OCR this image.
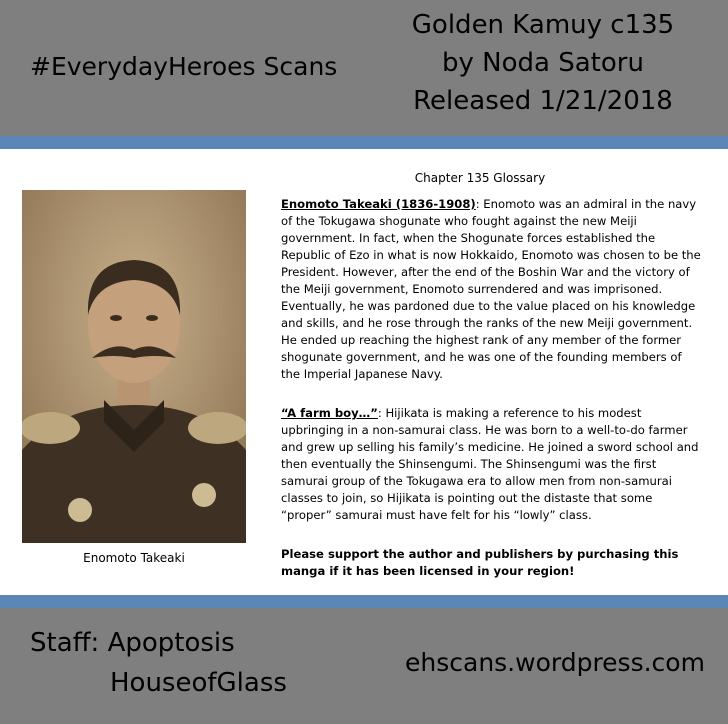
#EverydayHeroes Scans
Golden Kamuy c135
by Noda Satoru
Released 1/21/2018
Enomoto Takeaki
Chapter 135 Glossary
Enomoto Takeaki (1836-1908): Enomoto was an admiral in the navy of the Tokugawa shogunate who fought against the new Meiji government. In fact, when the Shogunate forces established the Republic of Ezo in what is now Hokkaido, Enomoto was chosen to be the President. However, after the end of the Boshin War and the victory of the Meiji government, Enomoto surrendered and was imprisoned. Eventually, he was pardoned due to the value placed on his knowledge and skills, and he rose through the ranks of the new Meiji government. He ended up reaching the highest rank of any member of the former shogunate government, and he was one of the founding members of the Imperial Japanese Navy.
“A farm boy…”: Hijikata is making a reference to his modest upbringing in a non-samurai class. He was born to a well-to-do farmer and grew up selling his family’s medicine. He joined a sword school and then eventually the Shinsengumi. The Shinsengumi was the first samurai group of the Tokugawa era to allow men from non-samurai classes to join, so Hijikata is pointing out the distaste that some “proper” samurai must have felt for his “lowly” class.
Please support the author and publishers by purchasing this manga if it has been licensed in your region!
Staff: Apoptosis
HouseofGlass
ehscans.wordpress.com
